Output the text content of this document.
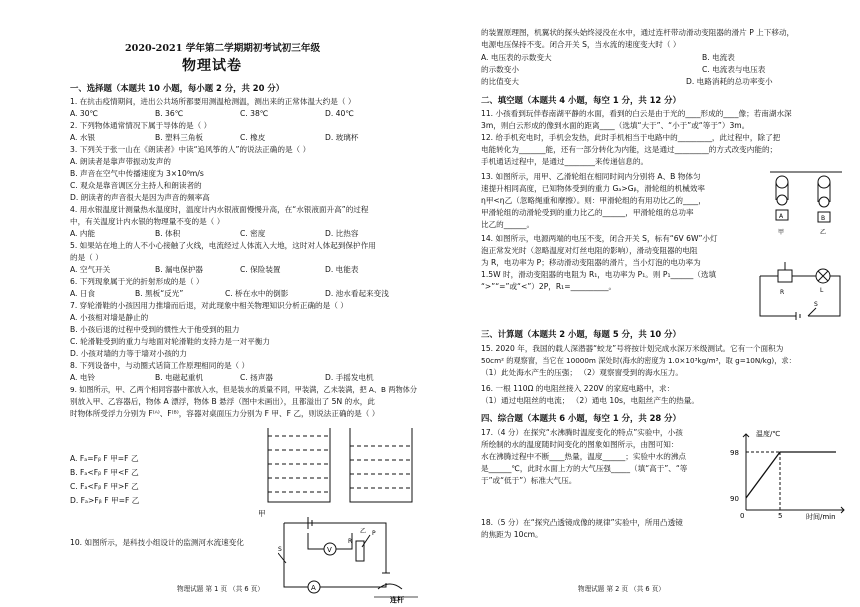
2020-2021 学年第二学期期初考试初三年级
物理试卷
一、选择题（本题共 10 小题，每小题 2 分，共 20 分）
1. 在抗击疫情期间，进出公共场所都要用测温枪测温，测出来的正常体温大约是（ ）
A. 30℃	B. 36℃	C. 38℃	D. 40℃
2. 下列物体通常情况下属于导体的是（ ）
A. 水银	B. 塑料三角板	C. 橡皮	D. 玻璃杯
3. 下列关于张一山在《朗读者》中读“追风筝的人”的说法正确的是（ ）
A. 朗读者是靠声带振动发声的
B. 声音在空气中传播速度为 3×10⁸m/s
C. 观众是靠音调区分主持人和朗读者的
D. 朗读者的声音很大是因为声音的频率高
4. 用水银温度计测量热水温度时，温度计内水银液面慢慢升高，在“水银液面升高”的过程
中，有关温度计内水银的物理量不变的是（ ）
A. 内能	B. 体积	C. 密度	D. 比热容
5. 如果站在地上的人不小心接触了火线，电流经过人体流入大地，这时对人体起到保护作用
的是（ ）
A. 空气开关	B. 漏电保护器	C. 保险装置	D. 电能表
6. 下列现象属于光的折射形成的是（ ）
A. 日食	B. 黑板“反光”	C. 桥在水中的倒影	D. 池水看起来变浅
7. 穿轮滑鞋的小孩因用力推墙而后退，对此现象中相关物理知识分析正确的是（ ）
A. 小孩相对墙是静止的
B. 小孩后退的过程中受到的惯性大于他受到的阻力
C. 轮滑鞋受到的重力与地面对轮滑鞋的支持力是一对平衡力
D. 小孩对墙的力等于墙对小孩的力
8. 下列设备中，与动圈式话筒工作原理相同的是（ ）
A. 电铃	B. 电磁起重机	C. 扬声器	D. 手摇发电机
9. 如图所示，甲、乙两个相同容器中都放入水，但是装水的质量不同，甲装满，乙未装满，把 A、B 两物体分
别放入甲、乙容器后，物体 A 漂浮，物体 B 悬浮（图中未画出），且都溢出了 5N 的水，此
时物体所受浮力分别为 F⁽ᴬ⁾、F⁽ᴮ⁾，容器对桌面压力分别为 F 甲、F 乙，则说法正确的是（ ）
A. Fₐ=Fᵦ F 甲=F 乙
B. Fₐ<Fᵦ F 甲<F 乙
C. Fₐ<Fᵦ F 甲>F 乙
D. Fₐ>Fᵦ F 甲=F 乙
A
V
R
P
S
乙
连杆
10. 如图所示，是科技小组设计的监测河水流速变化
物理试题 第 1 页 （共 6 页）
的装置原理图，机翼状的探头始终浸没在水中，通过连杆带动滑动变阻器的滑片 P 上下移动，
电源电压保持不变。闭合开关 S，当水流的速度变大时（ ）
A. 电压表的示数变大	B. 电流表
的示数变小	C. 电流表与电压表
的比值变大	D. 电路消耗的总功率变小
二、填空题（本题共 4 小题，每空 1 分，共 12 分）
11. 小孩看到玩伴春南湖平静的水面，看到的白云是由于光的____形成的____像；若南湖水深
3m，则白云形成的像到水面的距离____（选填“大于”、“小于”或“等于”）3m。
12. 给手机充电时，手机会发热，此时手机相当于电路中的_________，此过程中，除了把
电能转化为_______能，还有一部分转化为内能，这是通过_________的方式改变内能的；
手机通话过程中，是通过________来传递信息的。
13. 如图所示，用甲、乙滑轮组在相同时间内分别将 A、B 物体匀
速提升相同高度，已知物体受到的重力 Gₐ>Gᵦ，滑轮组的机械效率
η甲<η乙（忽略绳重和摩擦）。则：甲滑轮组的有用功比乙的____，
甲滑轮组的动滑轮受到的重力比乙的______，甲滑轮组的总功率
比乙的______。
A	B
甲	乙
14. 如图所示，电源两端的电压不变，闭合开关 S，标有“6V 6W”小灯
泡正常发光时（忽略温度对灯丝电阻的影响），滑动变阻器的电阻
为 R，电功率为 P；移动滑动变阻器的滑片，当小灯泡的电功率为
1.5W 时，滑动变阻器的电阻为 R₁，电功率为 P₁。则 P₁______（选填
“>”“=”或“<”）2P，R₁=__________。
R	L
S
三、计算题（本题共 2 小题，每题 5 分，共 10 分）
15. 2020 年，我国的载人深潜器“蛟龙”号将按计划完成水深万米级测试。它有一个面积为
50cm² 的观察窗，当它在 10000m 深处时(海水的密度为 1.0×10³kg/m³，取 g=10N/kg)，求：
（1）此处海水产生的压强； （2）观察窗受到的海水压力。
16. 一根 110Ω 的电阻丝接入 220V 的家庭电路中，求：
（1）通过电阻丝的电流； （2）通电 10s，电阻丝产生的热量。
四、综合题（本题共 6 小题，每空 1 分，共 28 分）
17.（4 分）在探究“水沸腾时温度变化的特点”实验中，小孩
所绘制的水的温度随时间变化的图象如图所示，由图可知：
水在沸腾过程中不断____热量，温度______；实验中水的沸点
是______℃，此时水面上方的大气压强_____（填“高于”、“等
于”或“低于”）标准大气压。
温度/℃
98
90
0	5	时间/min
18.（5 分）在“探究凸透镜成像的规律”实验中，所用凸透镜
的焦距为 10cm。
物理试题 第 2 页 （共 6 页）
甲
